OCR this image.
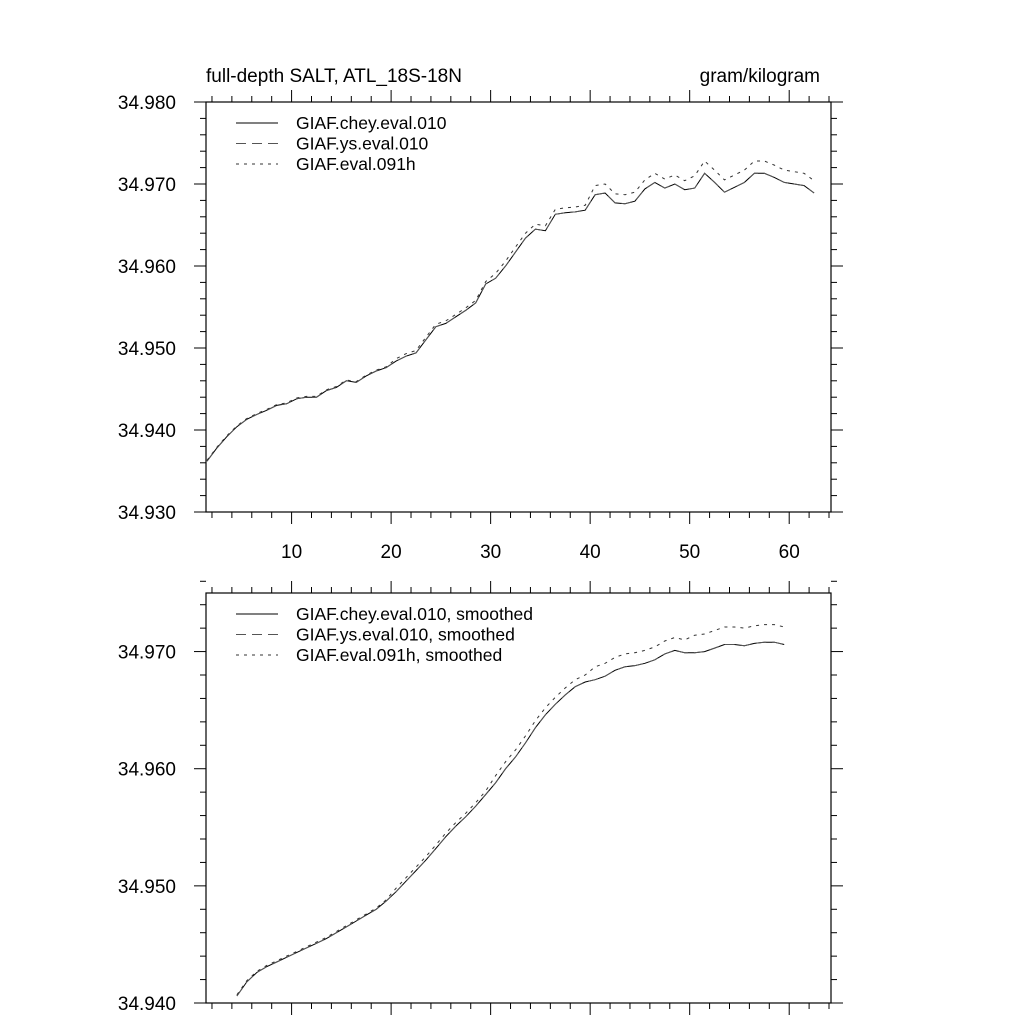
full-depth SALT, ATL_18S-18N	gram/kilogram
10	20	30	40	50	60
34.930
34.940
34.950
34.960
34.970
34.980
GIAF.chey.eval.010
GIAF.ys.eval.010
GIAF.eval.091h
34.940
34.950
34.960
34.970
GIAF.chey.eval.010, smoothed
GIAF.ys.eval.010, smoothed
GIAF.eval.091h, smoothed
